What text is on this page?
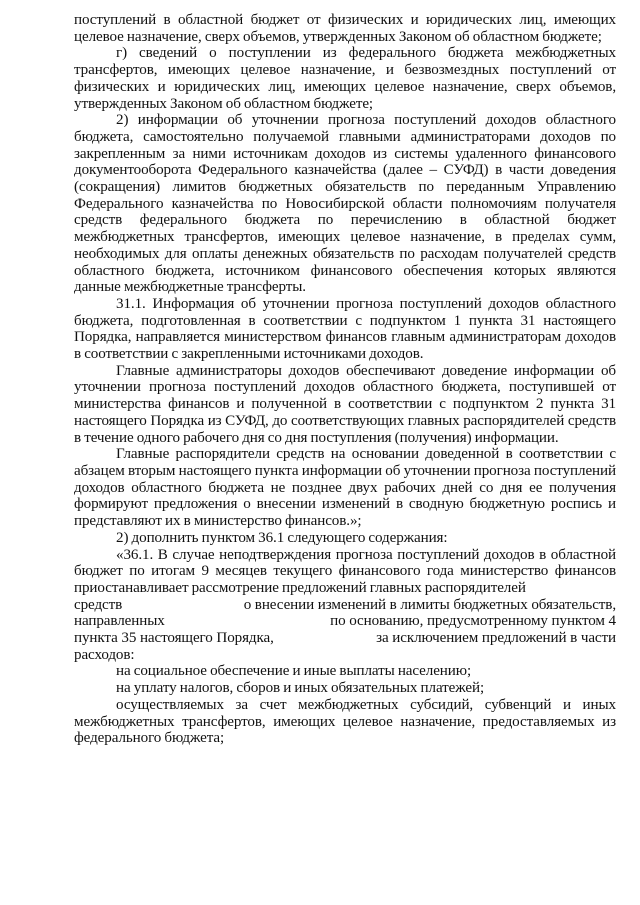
поступлений в областной бюджет от физических и юридических лиц, имеющих целевое назначение, сверх объемов, утвержденных Законом об областном бюджете;

г) сведений о поступлении из федерального бюджета межбюджетных трансфертов, имеющих целевое назначение, и безвозмездных поступлений от физических и юридических лиц, имеющих целевое назначение, сверх объемов, утвержденных Законом об областном бюджете;

2) информации об уточнении прогноза поступлений доходов областного бюджета, самостоятельно получаемой главными администраторами доходов по закрепленным за ними источникам доходов из системы удаленного финансового документооборота Федерального казначейства (далее – СУФД) в части доведения (сокращения) лимитов бюджетных обязательств по переданным Управлению Федерального казначейства по Новосибирской области полномочиям получателя средств федерального бюджета по перечислению в областной бюджет межбюджетных трансфертов, имеющих целевое назначение, в пределах сумм, необходимых для оплаты денежных обязательств по расходам получателей средств областного бюджета, источником финансового обеспечения которых являются данные межбюджетные трансферты.

31.1. Информация об уточнении прогноза поступлений доходов областного бюджета, подготовленная в соответствии с подпунктом 1 пункта 31 настоящего Порядка, направляется министерством финансов главным администраторам доходов в соответствии с закрепленными источниками доходов.

Главные администраторы доходов обеспечивают доведение информации об уточнении прогноза поступлений доходов областного бюджета, поступившей от министерства финансов и полученной в соответствии с подпунктом 2 пункта 31 настоящего Порядка из СУФД, до соответствующих главных распорядителей средств в течение одного рабочего дня со дня поступления (получения) информации.

Главные распорядители средств на основании доведенной в соответствии с абзацем вторым настоящего пункта информации об уточнении прогноза поступлений доходов областного бюджета не позднее двух рабочих дней со дня ее получения формируют предложения о внесении изменений в сводную бюджетную роспись и представляют их в министерство финансов.»;

2) дополнить пунктом 36.1 следующего содержания:

«36.1. В случае неподтверждения прогноза поступлений доходов в областной бюджет по итогам 9 месяцев текущего финансового года министерство финансов приостанавливает рассмотрение предложений главных распорядителей

средств	о внесении изменений в лимиты бюджетных обязательств,
направленных	по основанию, предусмотренному пунктом 4
пункта 35 настоящего Порядка,	за исключением предложений в части

расходов:

на социальное обеспечение и иные выплаты населению;

на уплату налогов, сборов и иных обязательных платежей;

осуществляемых за счет межбюджетных субсидий, субвенций и иных межбюджетных трансфертов, имеющих целевое назначение, предоставляемых из федерального бюджета;
